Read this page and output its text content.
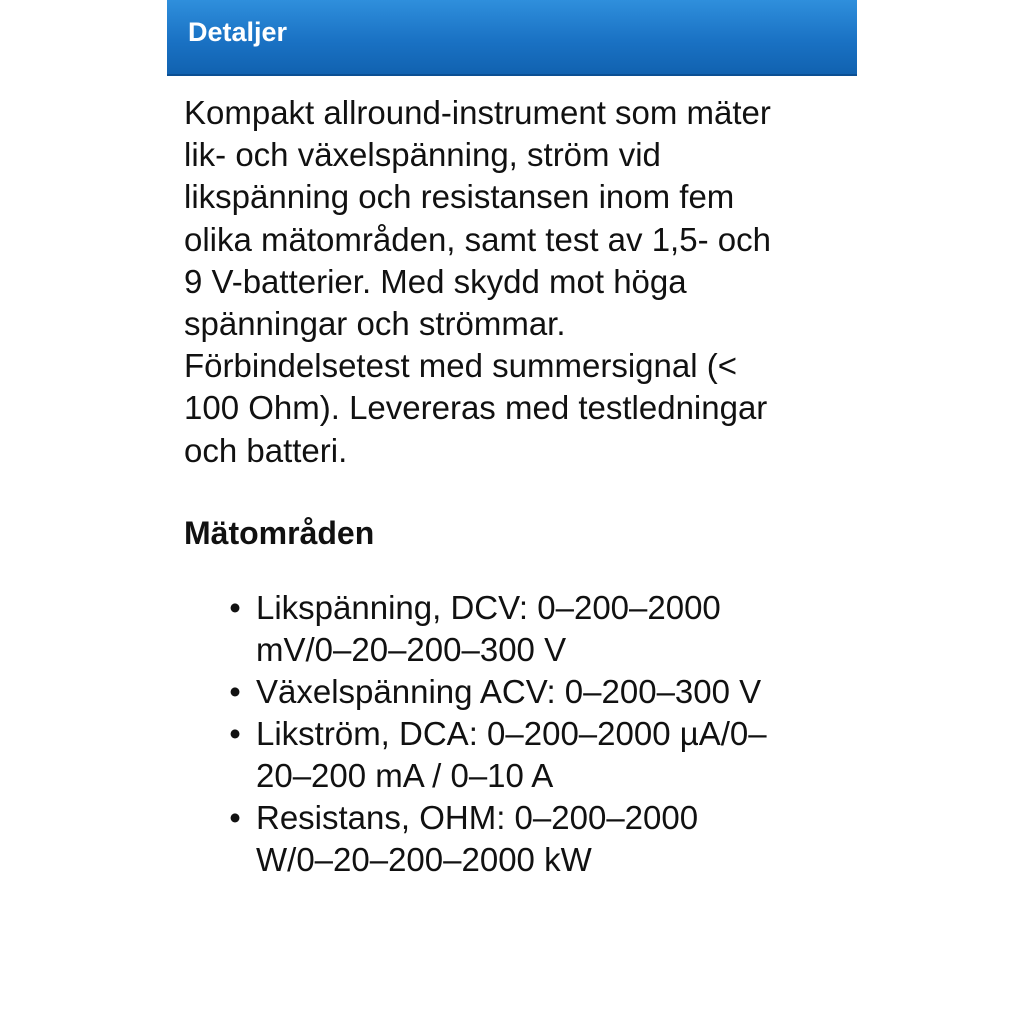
Detaljer

Kompakt allround-instrument som mäter
lik- och växelspänning, ström vid
likspänning och resistansen inom fem
olika mätområden, samt test av 1,5- och
9 V-batterier. Med skydd mot höga
spänningar och strömmar.
Förbindelsetest med summersignal (<
100 Ohm). Levereras med testledningar
och batteri.

Mätområden
• Likspänning, DCV: 0–200–2000
mV/0–20–200–300 V
• Växelspänning ACV: 0–200–300 V
• Likström, DCA: 0–200–2000 µA/0–
20–200 mA / 0–10 A
• Resistans, OHM: 0–200–2000
W/0–20–200–2000 kW
